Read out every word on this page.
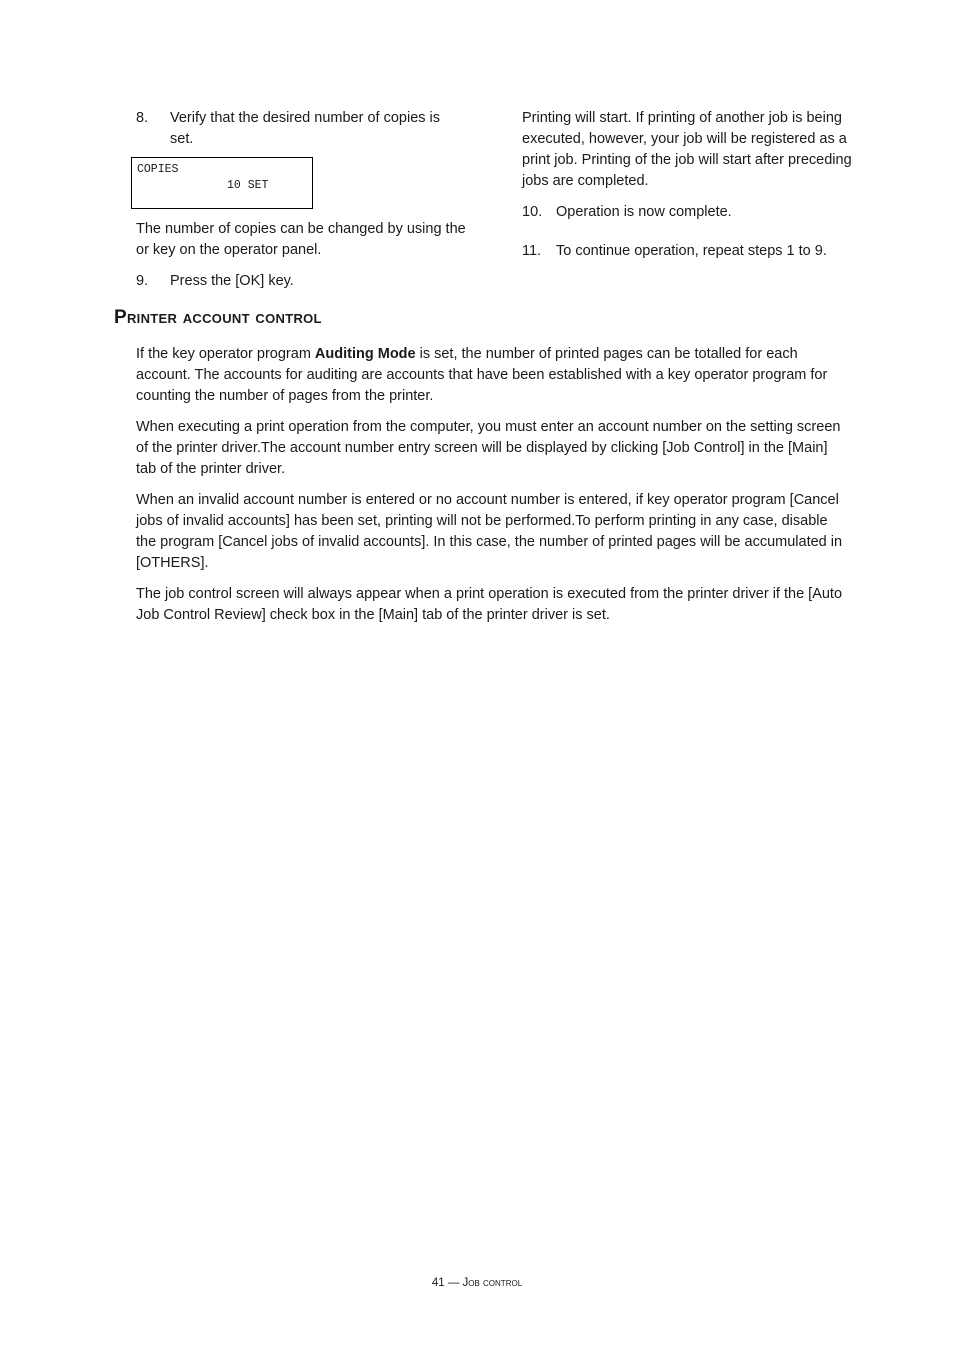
8. Verify that the desired number of copies is set.
COPIES
10 SET

The number of copies can be changed by using the or key on the operator panel.

9. Press the [OK] key.

Printing will start. If printing of another job is being executed, however, your job will be registered as a print job. Printing of the job will start after preceding jobs are completed.

10. Operation is now complete.
11. To continue operation, repeat steps 1 to 9.
Printer account control

If the key operator program Auditing Mode is set, the number of printed pages can be totalled for each account. The accounts for auditing are accounts that have been established with a key operator program for counting the number of pages from the printer.

When executing a print operation from the computer, you must enter an account number on the setting screen of the printer driver.The account number entry screen will be displayed by clicking [Job Control] in the [Main] tab of the printer driver.

When an invalid account number is entered or no account number is entered, if key operator program [Cancel jobs of invalid accounts] has been set, printing will not be performed.To perform printing in any case, disable the program [Cancel jobs of invalid accounts]. In this case, the number of printed pages will be accumulated in [OTHERS].

The job control screen will always appear when a print operation is executed from the printer driver if the [Auto Job Control Review] check box in the [Main] tab of the printer driver is set.

41 — Job control
